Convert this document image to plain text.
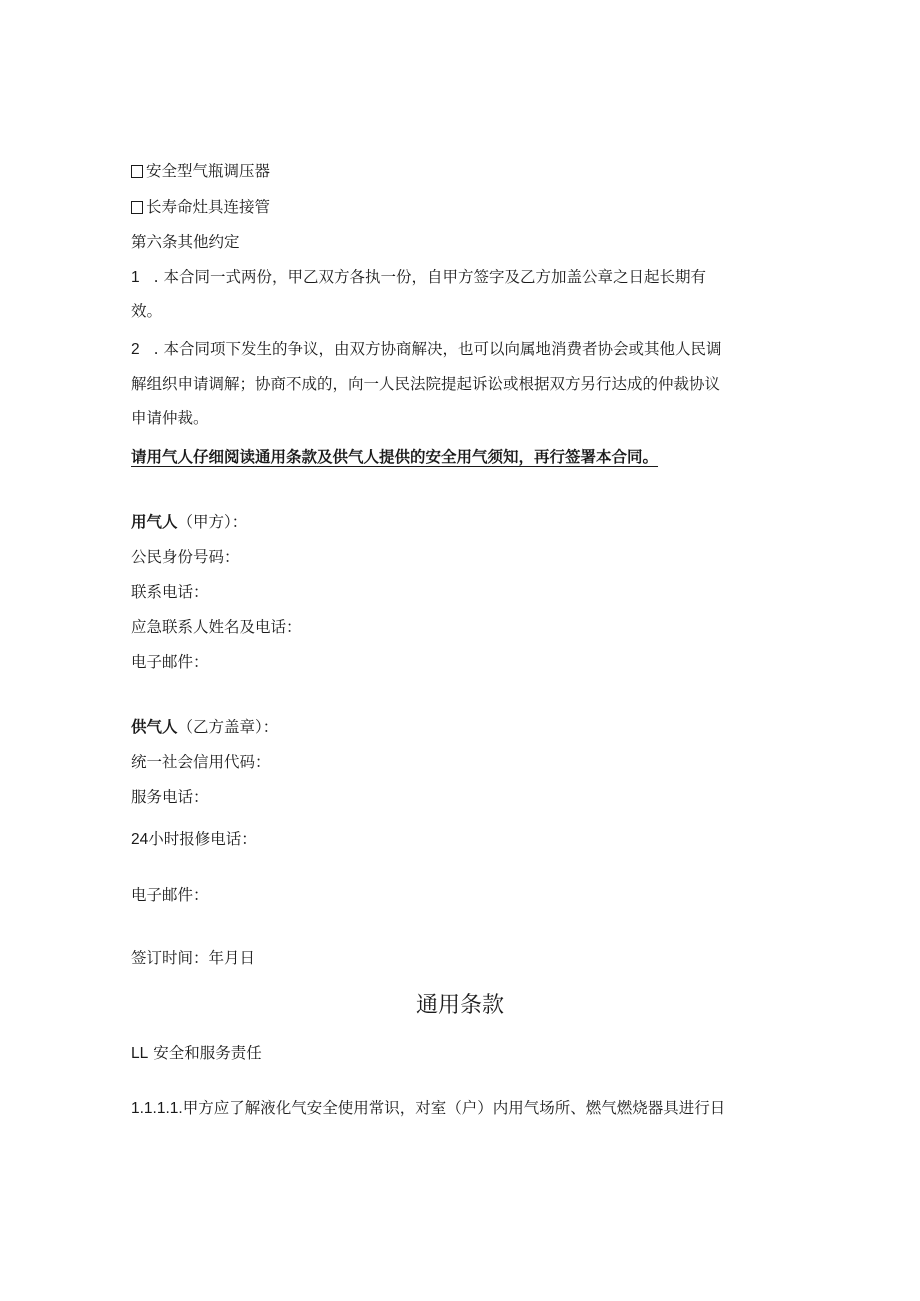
安全型气瓶调压器
长寿命灶具连接管
第六条其他约定
1 . 本合同一式两份，甲乙双方各执一份，自甲方签字及乙方加盖公章之日起长期有
效。
2 . 本合同项下发生的争议，由双方协商解决，也可以向属地消费者协会或其他人民调
解组织申请调解；协商不成的，向一人民法院提起诉讼或根据双方另行达成的仲裁协议
申请仲裁。
请用气人仔细阅读通用条款及供气人提供的安全用气须知，再行签署本合同。
用气人（甲方）：
公民身份号码：
联系电话：
应急联系人姓名及电话：
电子邮件：
供气人（乙方盖章）：
统一社会信用代码：
服务电话：
24小时报修电话：
电子邮件：
签订时间：年月日
通用条款
LL 安全和服务责任
1.1.1.1.甲方应了解液化气安全使用常识，对室（户）内用气场所、燃气燃烧器具进行日
